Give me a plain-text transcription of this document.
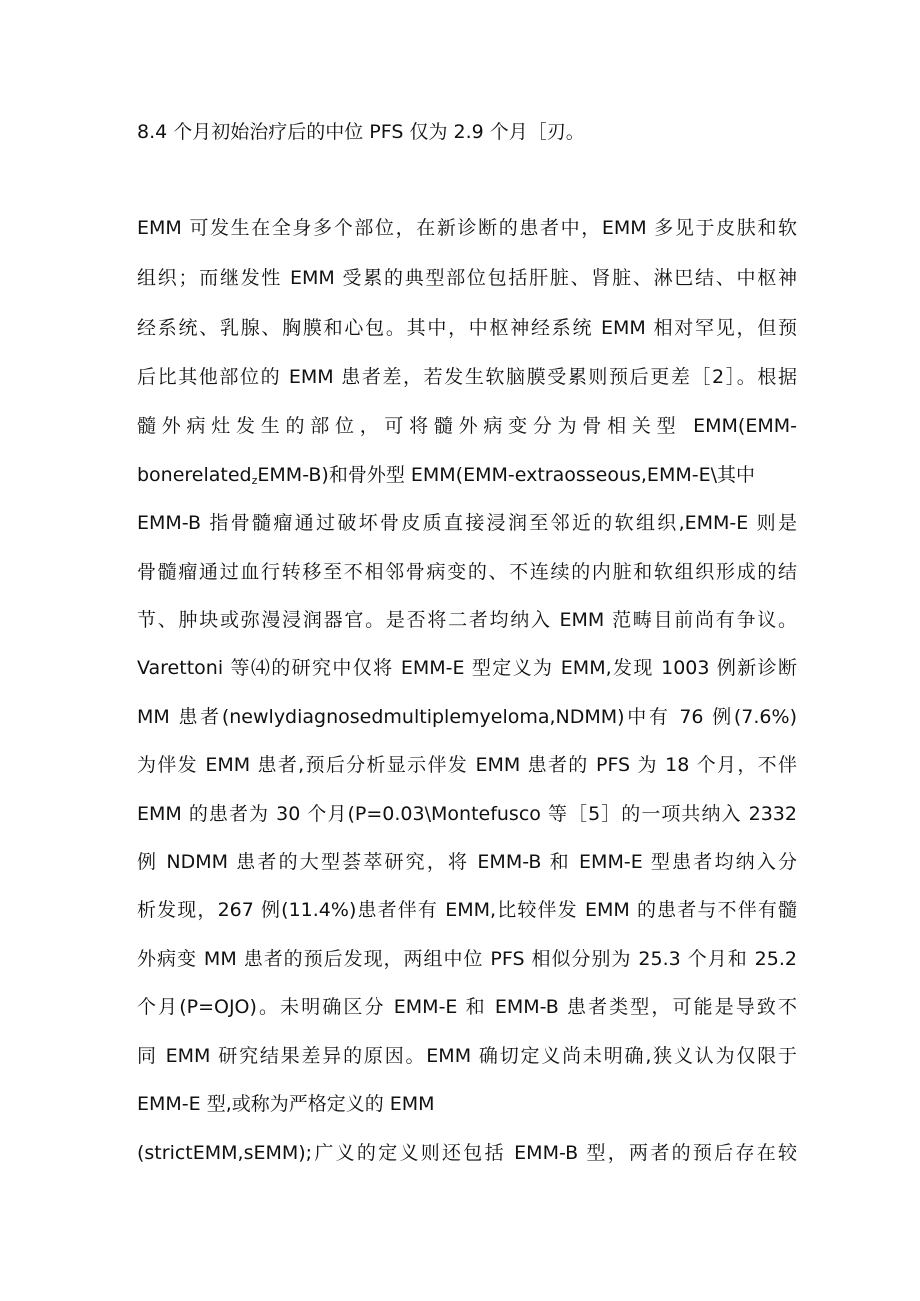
8.4 个月初始治疗后的中位 PFS 仅为 2.9 个月［刃。
EMM 可发生在全身多个部位，在新诊断的患者中，EMM 多见于皮肤和软
组织；而继发性 EMM 受累的典型部位包括肝脏、肾脏、淋巴结、中枢神
经系统、乳腺、胸膜和心包。其中，中枢神经系统 EMM 相对罕见，但预
后比其他部位的 EMM 患者差，若发生软脑膜受累则预后更差［2］。根据
髓外病灶发生的部位，可将髓外病变分为骨相关型 EMM(EMM-
bonerelated$_z$EMM-B)和骨外型 EMM(EMM-extraosseous,EMM-E\其中
EMM-B 指骨髓瘤通过破坏骨皮质直接浸润至邻近的软组织,EMM-E 则是
骨髓瘤通过血行转移至不相邻骨病变的、不连续的内脏和软组织形成的结
节、肿块或弥漫浸润器官。是否将二者均纳入 EMM 范畴目前尚有争议。
Varettoni 等⑷的研究中仅将 EMM-E 型定义为 EMM,发现 1003 例新诊断
MM 患者(newlydiagnosedmultiplemyeloma,NDMM)中有 76 例(7.6%)
为伴发 EMM 患者,预后分析显示伴发 EMM 患者的 PFS 为 18 个月，不伴
EMM 的患者为 30 个月(P=0.03\Montefusco 等［5］的一项共纳入 2332
例 NDMM 患者的大型荟萃研究，将 EMM-B 和 EMM-E 型患者均纳入分
析发现，267 例(11.4%)患者伴有 EMM,比较伴发 EMM 的患者与不伴有髓
外病变 MM 患者的预后发现，两组中位 PFS 相似分别为 25.3 个月和 25.2
个月(P=OJO)。未明确区分 EMM-E 和 EMM-B 患者类型，可能是导致不
同 EMM 研究结果差异的原因。EMM 确切定义尚未明确,狭义认为仅限于
EMM-E 型,或称为严格定义的 EMM
(strictEMM,sEMM);广义的定义则还包括 EMM-B 型，两者的预后存在较
